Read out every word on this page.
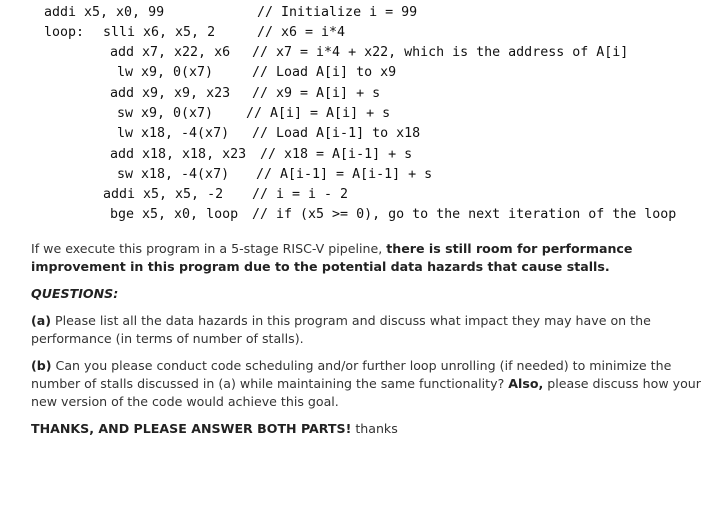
addi x5, x0, 99

	// Initialize i = 99

loop:

slli x6, x5, 2

	// x6 = i*4

add x7, x22, x6

// x7 = i*4 + x22, which is the address of A[i]

lw x9, 0(x7)

	// Load A[i] to x9

add x9, x9, x23

// x9 = A[i] + s

sw x9, 0(x7)

// A[i] = A[i] + s

lw x18, -4(x7)

// Load A[i-1] to x18

add x18, x18, x23

// x18 = A[i-1] + s

sw x18, -4(x7)

// A[i-1] = A[i-1] + s

addi x5, x5, -2

// i = i - 2

bge x5, x0, loop

// if (x5 >= 0), go to the next iteration of the loop

If we execute this program in a 5-stage RISC-V pipeline, there is still room for performance improvement in this program due to the potential data hazards that cause stalls.

QUESTIONS:

(a) Please list all the data hazards in this program and discuss what impact they may have on the performance (in terms of number of stalls).

(b) Can you please conduct code scheduling and/or further loop unrolling (if needed) to minimize the number of stalls discussed in (a) while maintaining the same functionality? Also, please discuss how your new version of the code would achieve this goal.

THANKS, AND PLEASE ANSWER BOTH PARTS! thanks
